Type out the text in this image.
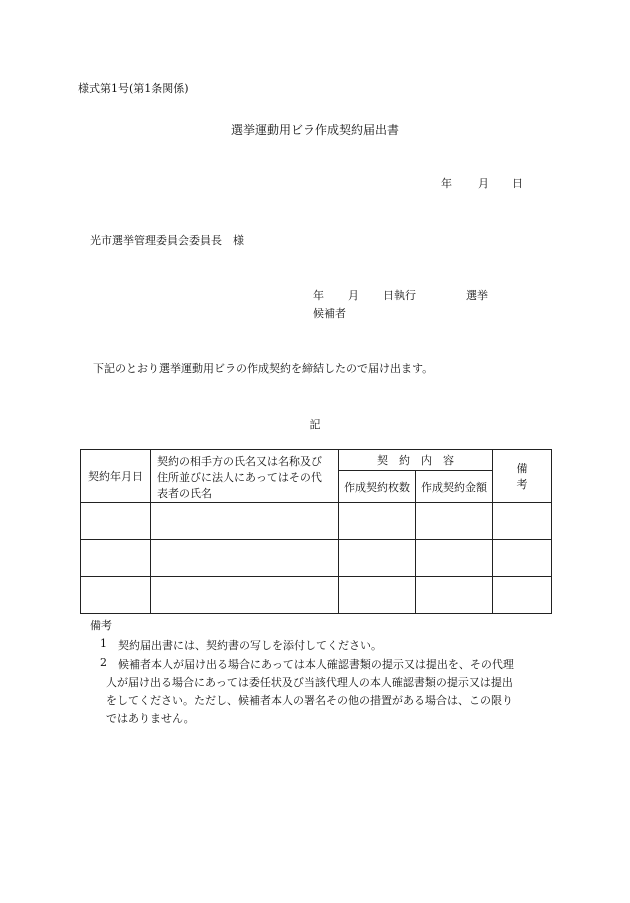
様式第1号(第1条関係)
選挙運動用ビラ作成契約届出書
年 月 日
光市選挙管理委員会委員長　様
年 月 日執行	選挙
候補者
下記のとおり選挙運動用ビラの作成契約を締結したので届け出ます。
記
契約年月日	契約の相手方の氏名又は名称及び住所並びに法人にあってはその代表者の氏名	契約内容		備考
		作成契約枚数	作成契約金額	

備考
1 契約届出書には、契約書の写しを添付してください。
2 候補者本人が届け出る場合にあっては本人確認書類の提示又は提出を、その代理
人が届け出る場合にあっては委任状及び当該代理人の本人確認書類の提示又は提出
をしてください。ただし、候補者本人の署名その他の措置がある場合は、この限り
ではありません。
